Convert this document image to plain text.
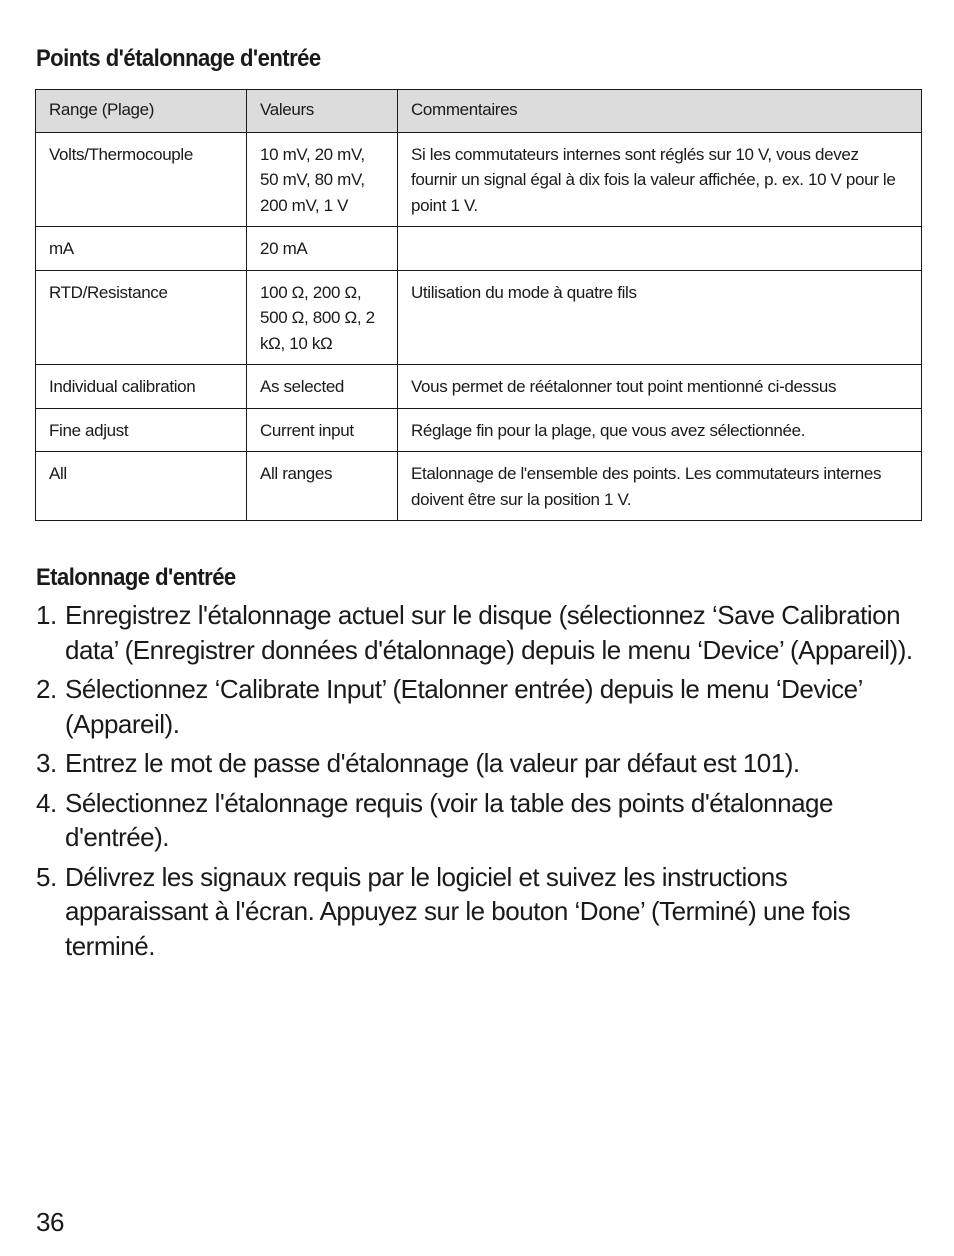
Points d'étalonnage d'entrée
Range (Plage)	Valeurs	Commentaires
Volts/Thermocouple	10 mV, 20 mV, 50 mV, 80 mV, 200 mV, 1 V	Si les commutateurs internes sont réglés sur 10 V, vous devez fournir un signal égal à dix fois la valeur affichée, p. ex. 10 V pour le point 1 V.
mA	20 mA	
RTD/Resistance	100 Ω, 200 Ω, 500 Ω, 800 Ω, 2 kΩ, 10 kΩ	Utilisation du mode à quatre fils
Individual calibration	As selected	Vous permet de réétalonner tout point mentionné ci-dessus
Fine adjust	Current input	Réglage fin pour la plage, que vous avez sélectionnée.
All	All ranges	Etalonnage de l'ensemble des points. Les commutateurs internes doivent être sur la position 1 V.
Etalonnage d'entrée
1. Enregistrez l'étalonnage actuel sur le disque (sélectionnez ‘Save Calibration data’ (Enregistrer données d'étalonnage) depuis le menu ‘Device’ (Appareil)).
2. Sélectionnez ‘Calibrate Input’ (Etalonner entrée) depuis le menu ‘Device’ (Appareil).
3. Entrez le mot de passe d'étalonnage (la valeur par défaut est 101).
4. Sélectionnez l'étalonnage requis (voir la table des points d'étalonnage d'entrée).
5. Délivrez les signaux requis par le logiciel et suivez les instructions apparaissant à l'écran. Appuyez sur le bouton ‘Done’ (Terminé) une fois terminé.
36
